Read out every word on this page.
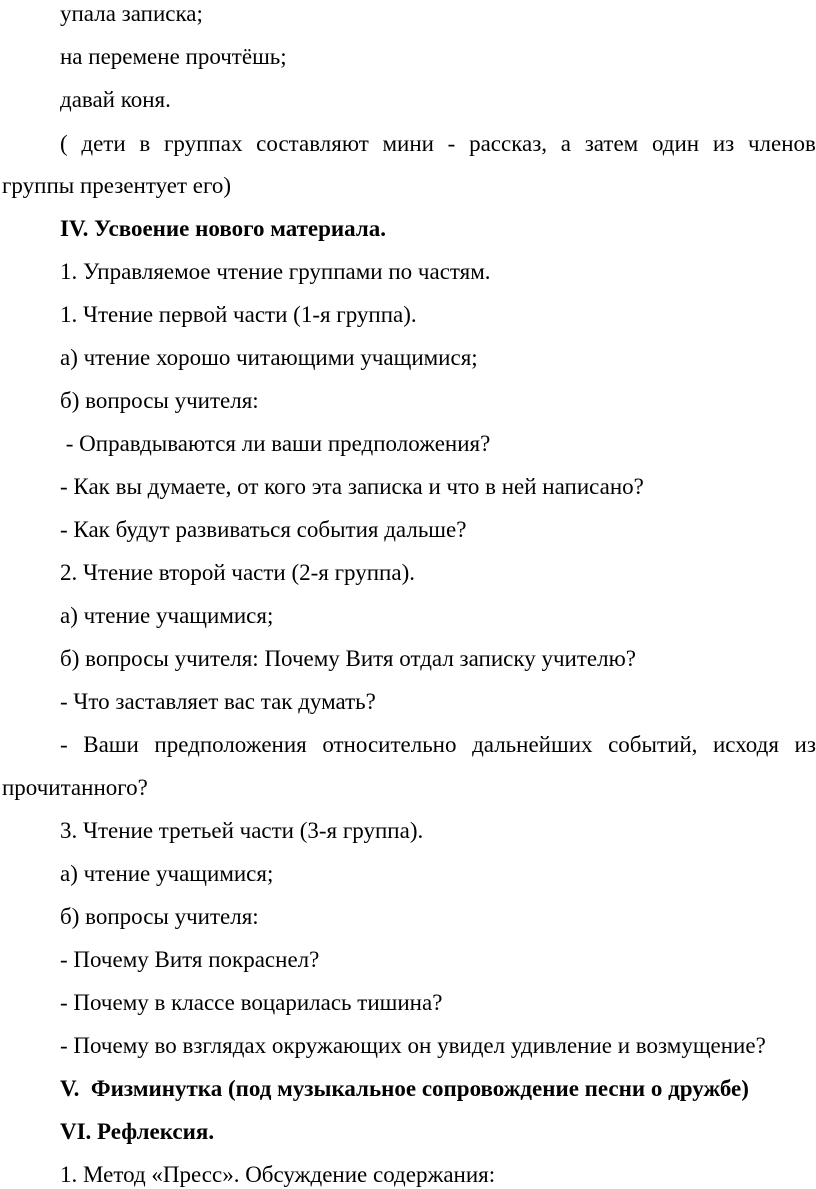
упала записка;
на перемене прочтёшь;
давай коня.
( дети в группах составляют мини - рассказ, а затем один из членов
группы презентует его)
IV. Усвоение нового материала.
1. Управляемое чтение группами по частям.
1. Чтение первой части (1-я группа).
а) чтение хорошо читающими учащимися;
б) вопросы учителя:
- Оправдываются ли ваши предположения?
- Как вы думаете, от кого эта записка и что в ней написано?
- Как будут развиваться события дальше?
2. Чтение второй части (2-я группа).
а) чтение учащимися;
б) вопросы учителя: Почему Витя отдал записку учителю?
- Что заставляет вас так думать?
- Ваши предположения относительно дальнейших событий, исходя из
прочитанного?
3. Чтение третьей части (3-я группа).
а) чтение учащимися;
б) вопросы учителя:
- Почему Витя покраснел?
- Почему в классе воцарилась тишина?
- Почему во взглядах окружающих он увидел удивление и возмущение?
V.  Физминутка (под музыкальное сопровождение песни о дружбе)
VI. Рефлексия.
1. Метод «Пресс». Обсуждение содержания:
